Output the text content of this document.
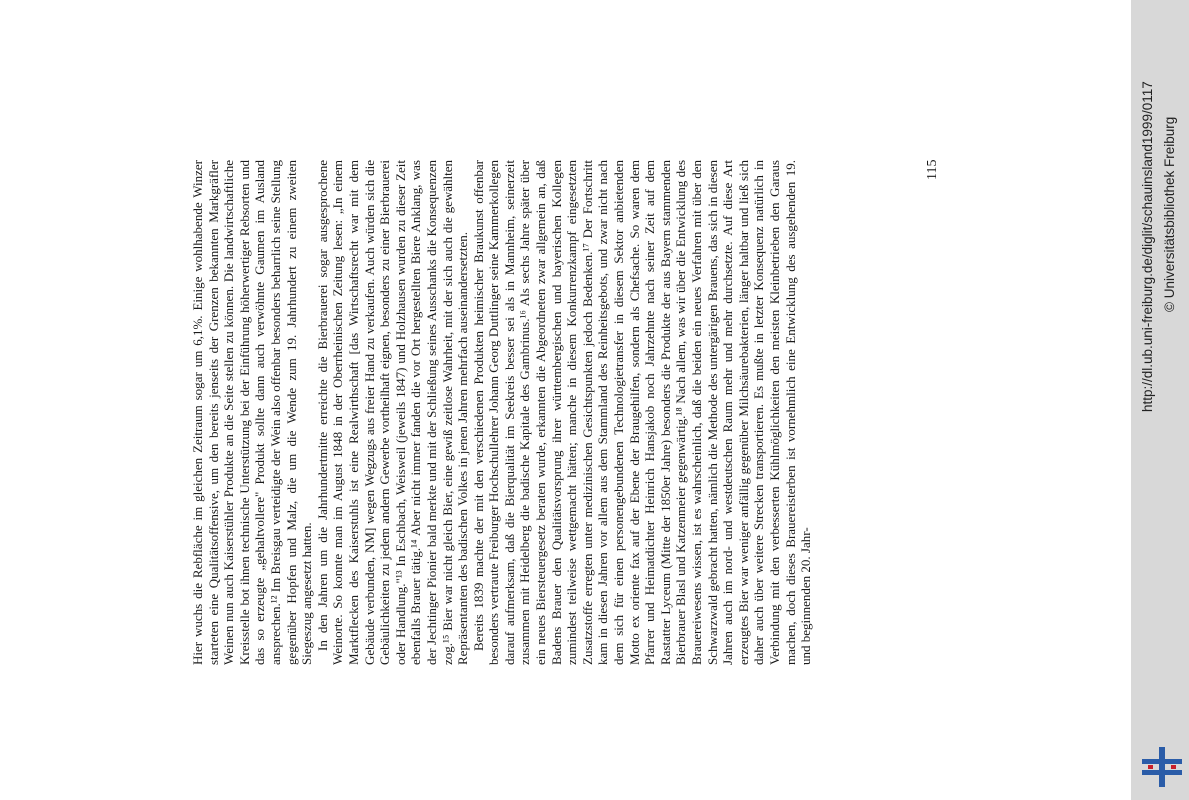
Hier wuchs die Rebfläche im gleichen Zeitraum sogar um 6,1%. Einige wohlhabende Winzer starteten eine Qualitätsoffensive, um den bereits jenseits der Grenzen bekannten Markgräfler Weinen nun auch Kaiserstühler Produkte an die Seite stellen zu können. Die landwirtschaftliche Kreisstelle bot ihnen technische Unterstützung bei der Einführung höherwertiger Rebsorten und das so erzeugte „gehaltvollere" Produkt sollte dann auch verwöhnte Gaumen im Ausland ansprechen.¹² Im Breisgau verteidigte der Wein also offenbar besonders beharrlich seine Stellung gegenüber Hopfen und Malz, die um die Wende zum 19. Jahrhundert zu einem zweiten Siegeszug angesetzt hatten. In den Jahren um die Jahrhundertmitte erreichte die Bierbrauerei sogar ausgesprochene Weinorte. So konnte man im August 1848 in der Oberrheinischen Zeitung lesen: „In einem Marktflecken des Kaiserstuhls ist eine Realwirthschaft [das Wirtschaftsrecht war mit dem Gebäude verbunden, NM] wegen Wegzugs aus freier Hand zu verkaufen. Auch würden sich die Gebäulichkeiten zu jedem andern Gewerbe vortheilhaft eignen, besonders zu einer Bierbrauerei oder Handlung."¹³ In Eschbach, Weisweil (jeweils 1847) und Holzhausen wurden zu dieser Zeit ebenfalls Brauer tätig.¹⁴ Aber nicht immer fanden die vor Ort hergestellten Biere Anklang, was der Jechtinger Pionier bald merkte und mit der Schließung seines Ausschanks die Konsequenzen zog.¹⁵ Bier war nicht gleich Bier, eine gewiß zeitlose Wahrheit, mit der sich auch die gewählten Repräsentanten des badischen Volkes in jenen Jahren mehrfach auseinandersetzten. Bereits 1839 machte der mit den verschiedenen Produkten heimischer Braukunst offenbar besonders vertraute Freiburger Hochschullehrer Johann Georg Duttlinger seine Kammerkollegen darauf aufmerksam, daß die Bierqualität im Seekreis besser sei als in Mannheim, seinerzeit zusammen mit Heidelberg die badische Kapitale des Gambrinus.¹⁶ Als sechs Jahre später über ein neues Biersteuergesetz beraten wurde, erkannten die Abgeordneten zwar allgemein an, daß Badens Brauer den Qualitätsvorsprung ihrer württembergischen und bayerischen Kollegen zumindest teilweise wettgemacht hätten; manche in diesem Konkurrenzkampf eingesetzten Zusatzstoffe erregten unter medizinischen Gesichtspunkten jedoch Bedenken.¹⁷ Der Fortschritt kam in diesen Jahren vor allem aus dem Stammland des Reinheitsgebots, und zwar nicht nach dem sich für einen personengebundenen Technologietransfer in diesem Sektor anbietenden Motto ex oriente fax auf der Ebene der Braugehilfen, sondern als Chefsache. So waren dem Pfarrer und Heimatdichter Heinrich Hansjakob noch Jahrzehnte nach seiner Zeit auf dem Rastatter Lyceum (Mitte der 1850er Jahre) besonders die Produkte der aus Bayern stammenden Bierbrauer Blasl und Katzenmeier gegenwärtig.¹⁸ Nach allem, was wir über die Entwicklung des Brauereiwesens wissen, ist es wahrscheinlich, daß die beiden ein neues Verfahren mit über den Schwarzwald gebracht hatten, nämlich die Methode des untergärigen Brauens, das sich in diesen Jahren auch im nord- und westdeutschen Raum mehr und mehr durchsetzte. Auf diese Art erzeugtes Bier war weniger anfällig gegenüber Milchsäurebakterien, länger haltbar und ließ sich daher auch über weitere Strecken transportieren. Es mußte in letzter Konsequenz natürlich in Verbindung mit den verbesserten Kühlmöglichkeiten den meisten Kleinbetrieben den Garaus machen, doch dieses Brauereisterben ist vornehmlich eine Entwicklung des ausgehenden 19. und beginnenden 20. Jahr-

115	http://dl.ub.uni-freiburg.de/diglit/schauinsland1999/0117 © Universitätsbibliothek Freiburg
